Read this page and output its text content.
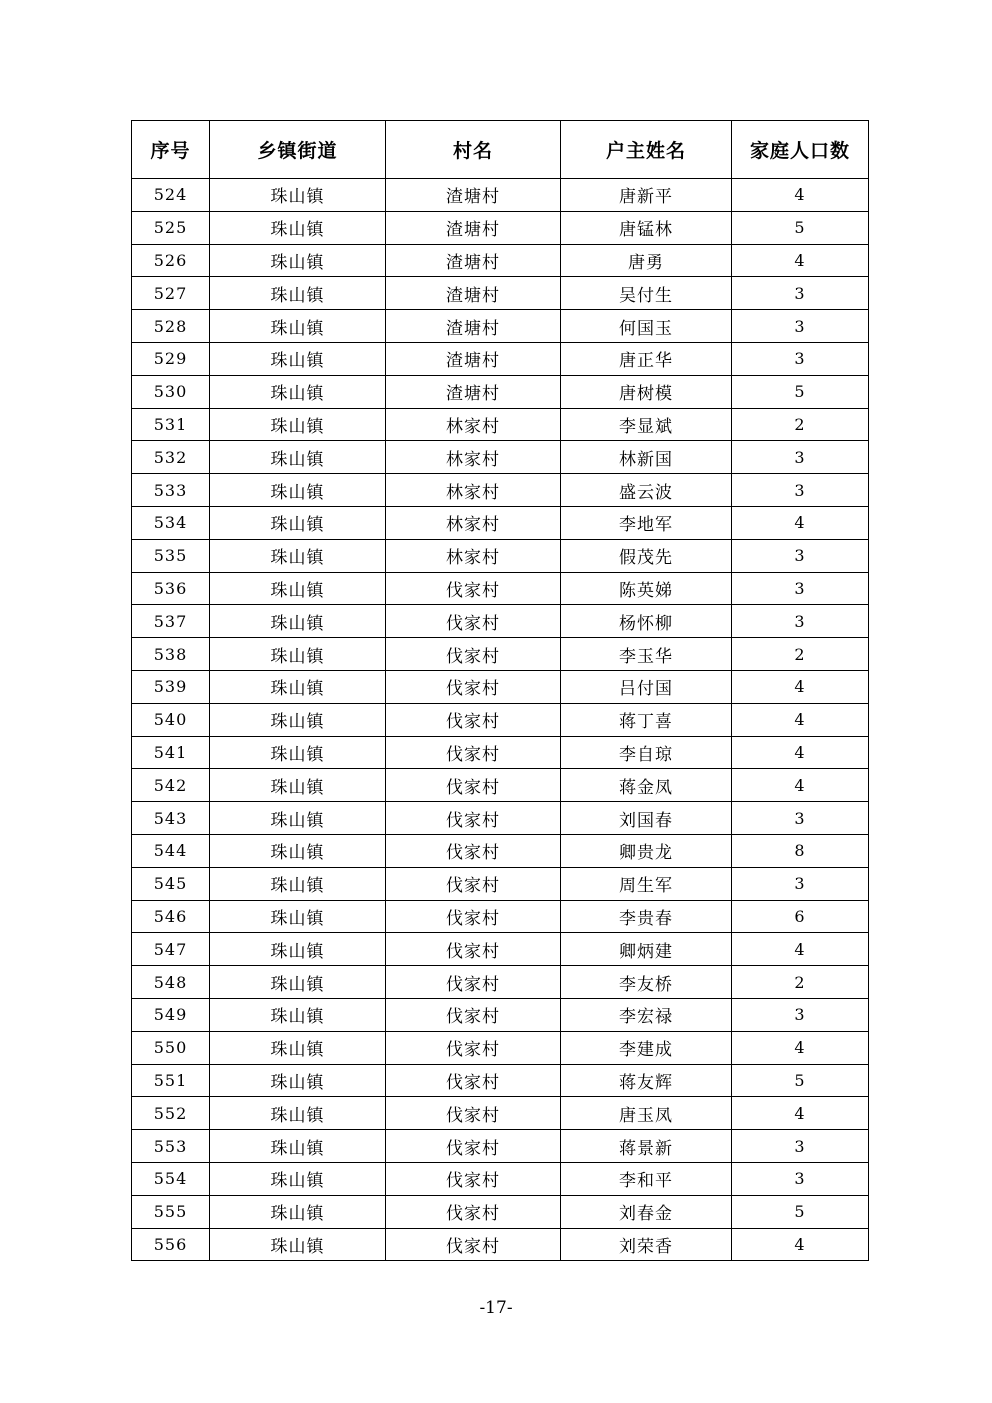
序号	乡镇街道	村名	户主姓名	家庭人口数
524	珠山镇	渣塘村	唐新平	4
525	珠山镇	渣塘村	唐锰林	5
526	珠山镇	渣塘村	唐勇	4
527	珠山镇	渣塘村	吴付生	3
528	珠山镇	渣塘村	何国玉	3
529	珠山镇	渣塘村	唐正华	3
530	珠山镇	渣塘村	唐树模	5
531	珠山镇	林家村	李显斌	2
532	珠山镇	林家村	林新国	3
533	珠山镇	林家村	盛云波	3
534	珠山镇	林家村	李地军	4
535	珠山镇	林家村	假茂先	3
536	珠山镇	伐家村	陈英娣	3
537	珠山镇	伐家村	杨怀柳	3
538	珠山镇	伐家村	李玉华	2
539	珠山镇	伐家村	吕付国	4
540	珠山镇	伐家村	蒋丁喜	4
541	珠山镇	伐家村	李自琼	4
542	珠山镇	伐家村	蒋金凤	4
543	珠山镇	伐家村	刘国春	3
544	珠山镇	伐家村	卿贵龙	8
545	珠山镇	伐家村	周生军	3
546	珠山镇	伐家村	李贵春	6
547	珠山镇	伐家村	卿炳建	4
548	珠山镇	伐家村	李友桥	2
549	珠山镇	伐家村	李宏禄	3
550	珠山镇	伐家村	李建成	4
551	珠山镇	伐家村	蒋友辉	5
552	珠山镇	伐家村	唐玉凤	4
553	珠山镇	伐家村	蒋景新	3
554	珠山镇	伐家村	李和平	3
555	珠山镇	伐家村	刘春金	5
556	珠山镇	伐家村	刘荣香	4
-17-
